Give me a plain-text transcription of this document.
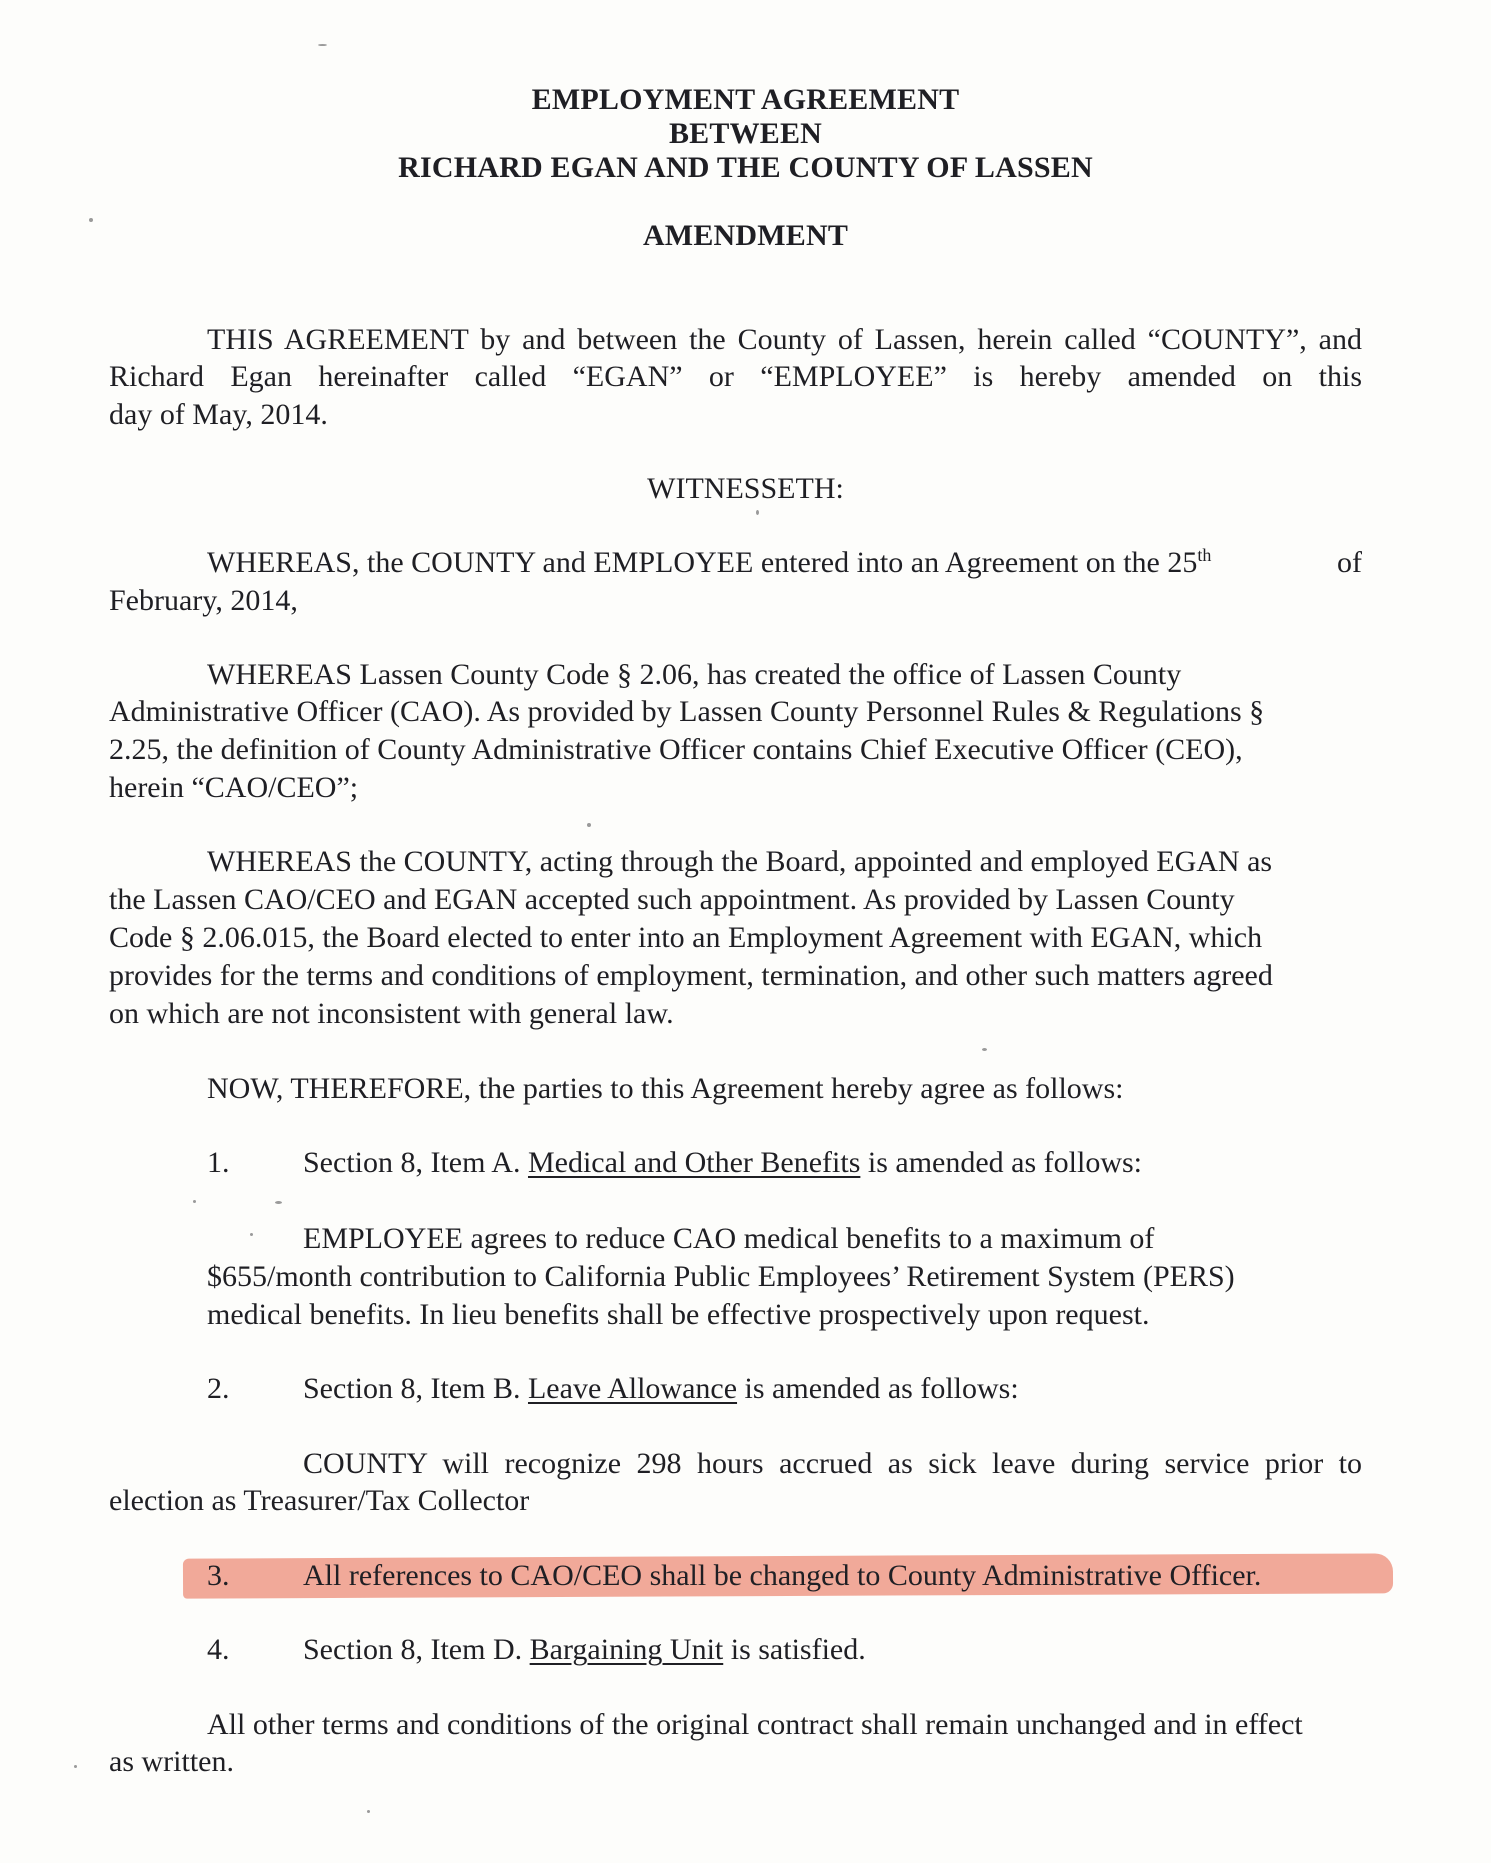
EMPLOYMENT AGREEMENT
BETWEEN
RICHARD EGAN AND THE COUNTY OF LASSEN
AMENDMENT
THIS AGREEMENT by and between the County of Lassen, herein called “COUNTY”, and
Richard Egan hereinafter called “EGAN” or “EMPLOYEE” is hereby amended on this
day of May, 2014.
WITNESSETH:
WHEREAS, the COUNTY and EMPLOYEE entered into an Agreement on the 25th	of
February, 2014,
WHEREAS Lassen County Code § 2.06, has created the office of Lassen County
Administrative Officer (CAO). As provided by Lassen County Personnel Rules & Regulations §
2.25, the definition of County Administrative Officer contains Chief Executive Officer (CEO),
herein “CAO/CEO”;
WHEREAS the COUNTY, acting through the Board, appointed and employed EGAN as
the Lassen CAO/CEO and EGAN accepted such appointment. As provided by Lassen County
Code § 2.06.015, the Board elected to enter into an Employment Agreement with EGAN, which
provides for the terms and conditions of employment, termination, and other such matters agreed
on which are not inconsistent with general law.
NOW, THEREFORE, the parties to this Agreement hereby agree as follows:
1. Section 8, Item A. Medical and Other Benefits is amended as follows:
EMPLOYEE agrees to reduce CAO medical benefits to a maximum of
$655/month contribution to California Public Employees’ Retirement System (PERS)
medical benefits. In lieu benefits shall be effective prospectively upon request.
2. Section 8, Item B. Leave Allowance is amended as follows:
COUNTY will recognize 298 hours accrued as sick leave during service prior to
election as Treasurer/Tax Collector
3. All references to CAO/CEO shall be changed to County Administrative Officer.
4. Section 8, Item D. Bargaining Unit is satisfied.
All other terms and conditions of the original contract shall remain unchanged and in effect
as written.
